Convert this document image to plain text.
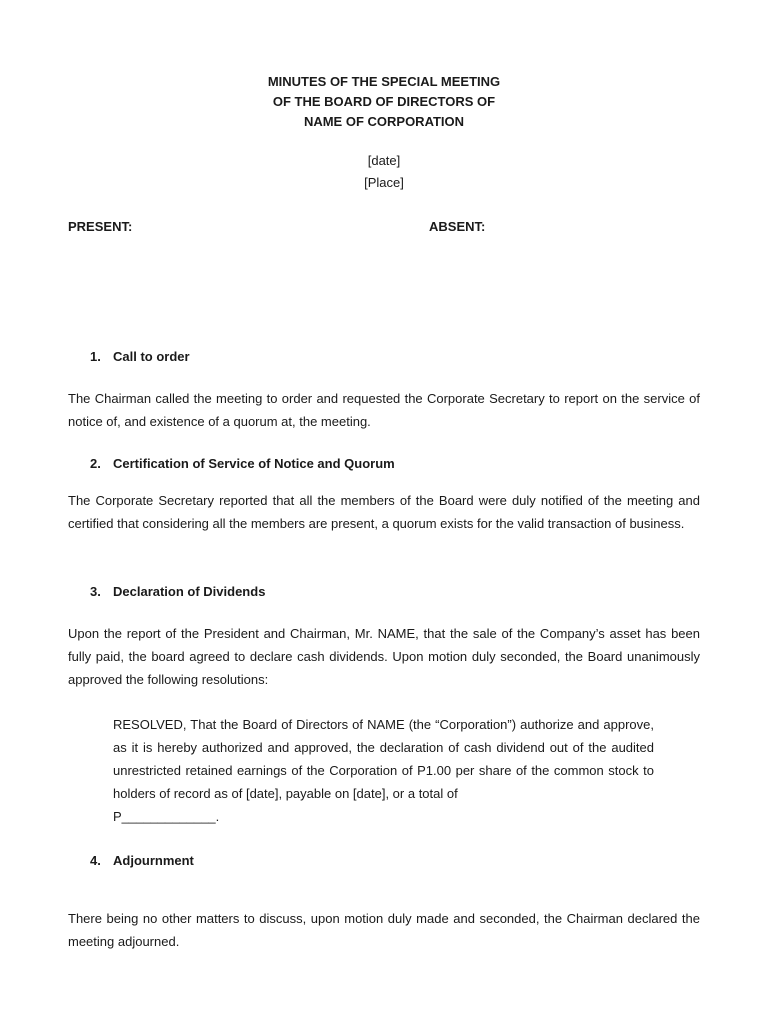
MINUTES OF THE SPECIAL MEETING
OF THE BOARD OF DIRECTORS OF
NAME OF CORPORATION
[date]
[Place]
PRESENT:	ABSENT:
1. Call to order
The Chairman called the meeting to order and requested the Corporate Secretary to report on the service of notice of, and existence of a quorum at, the meeting.
2. Certification of Service of Notice and Quorum
The Corporate Secretary reported that all the members of the Board were duly notified of the meeting and certified that considering all the members are present, a quorum exists for the valid transaction of business.
3. Declaration of Dividends
Upon the report of the President and Chairman, Mr. NAME, that the sale of the Company’s asset has been fully paid, the board agreed to declare cash dividends. Upon motion duly seconded, the Board unanimously approved the following resolutions:
RESOLVED, That the Board of Directors of NAME (the “Corporation”) authorize and approve, as it is hereby authorized and approved, the declaration of cash dividend out of the audited unrestricted retained earnings of the Corporation of P1.00 per share of the common stock to holders of record as of [date], payable on [date], or a total of
P_____________.
4. Adjournment
There being no other matters to discuss, upon motion duly made and seconded, the Chairman declared the meeting adjourned.
